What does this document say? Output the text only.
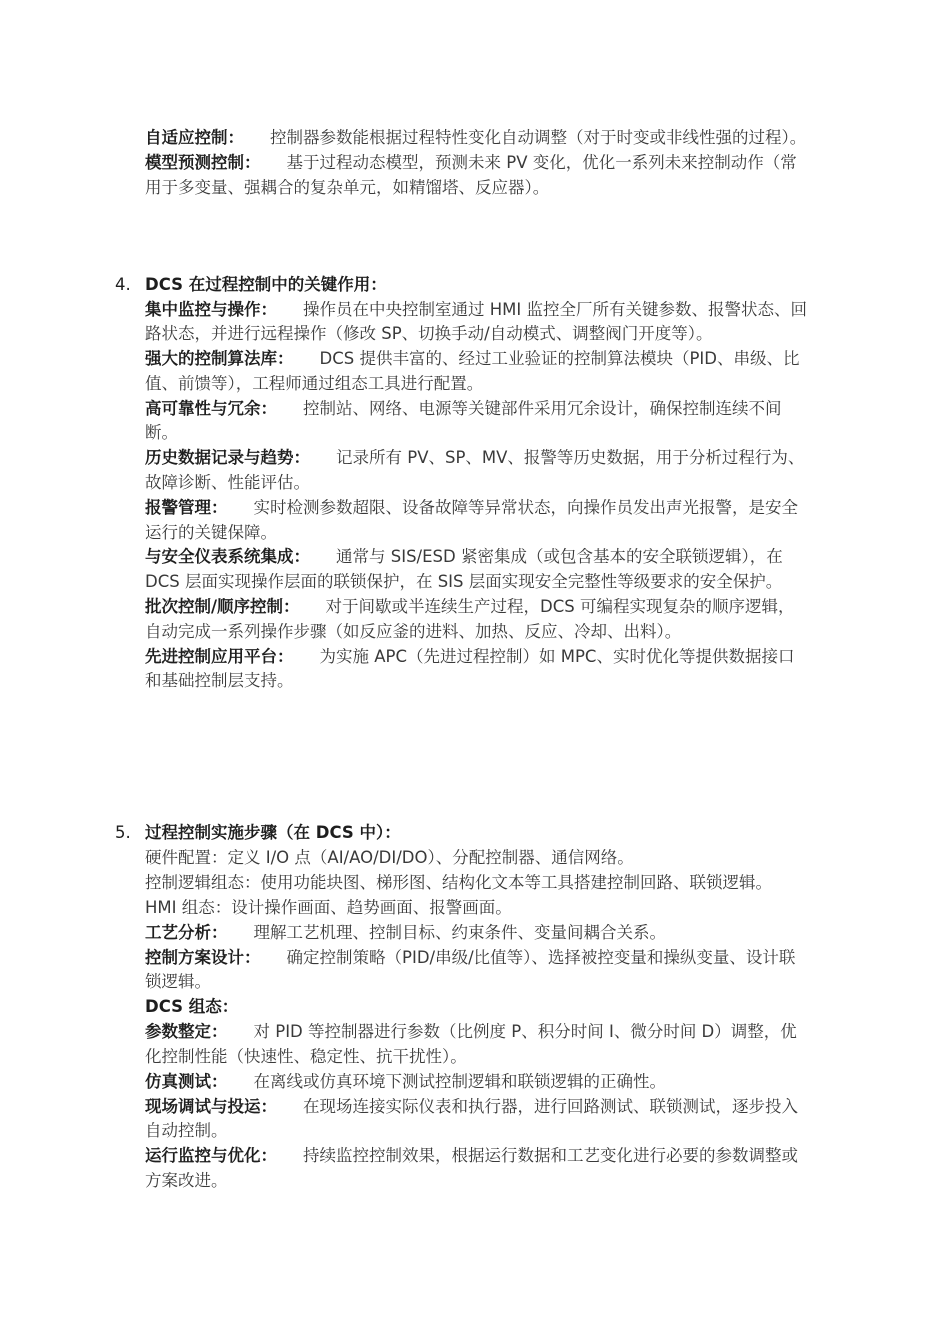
自适应控制： 控制器参数能根据过程特性变化自动调整（对于时变或非线性强的过程）。
模型预测控制： 基于过程动态模型，预测未来 PV 变化，优化一系列未来控制动作（常用于多变量、强耦合的复杂单元，如精馏塔、反应器）。
4. DCS 在过程控制中的关键作用：
集中监控与操作： 操作员在中央控制室通过 HMI 监控全厂所有关键参数、报警状态、回路状态，并进行远程操作（修改 SP、切换手动/自动模式、调整阀门开度等）。
强大的控制算法库： DCS 提供丰富的、经过工业验证的控制算法模块（PID、串级、比值、前馈等），工程师通过组态工具进行配置。
高可靠性与冗余： 控制站、网络、电源等关键部件采用冗余设计，确保控制连续不间断。
历史数据记录与趋势： 记录所有 PV、SP、MV、报警等历史数据，用于分析过程行为、故障诊断、性能评估。
报警管理： 实时检测参数超限、设备故障等异常状态，向操作员发出声光报警，是安全运行的关键保障。
与安全仪表系统集成： 通常与 SIS/ESD 紧密集成（或包含基本的安全联锁逻辑），在 DCS 层面实现操作层面的联锁保护，在 SIS 层面实现安全完整性等级要求的安全保护。
批次控制/顺序控制： 对于间歇或半连续生产过程，DCS 可编程实现复杂的顺序逻辑，自动完成一系列操作步骤（如反应釜的进料、加热、反应、冷却、出料）。
先进控制应用平台： 为实施 APC（先进过程控制）如 MPC、实时优化等提供数据接口和基础控制层支持。
5. 过程控制实施步骤（在 DCS 中）：
硬件配置：定义 I/O 点（AI/AO/DI/DO）、分配控制器、通信网络。
控制逻辑组态：使用功能块图、梯形图、结构化文本等工具搭建控制回路、联锁逻辑。
HMI 组态：设计操作画面、趋势画面、报警画面。
工艺分析： 理解工艺机理、控制目标、约束条件、变量间耦合关系。
控制方案设计： 确定控制策略（PID/串级/比值等）、选择被控变量和操纵变量、设计联锁逻辑。
DCS 组态：
参数整定： 对 PID 等控制器进行参数（比例度 P、积分时间 I、微分时间 D）调整，优化控制性能（快速性、稳定性、抗干扰性）。
仿真测试： 在离线或仿真环境下测试控制逻辑和联锁逻辑的正确性。
现场调试与投运： 在现场连接实际仪表和执行器，进行回路测试、联锁测试，逐步投入自动控制。
运行监控与优化： 持续监控控制效果，根据运行数据和工艺变化进行必要的参数调整或方案改进。
